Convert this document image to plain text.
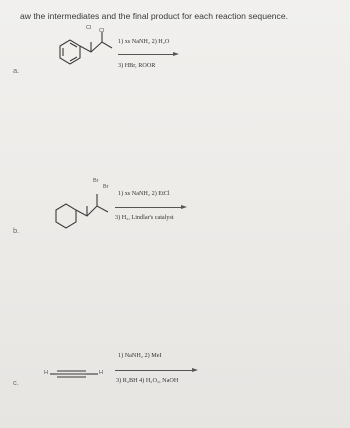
aw the intermediates and the final product for each reaction sequence.
a.
Cl Cl
1) xs NaNH₂ 2) H₂O
3) HBr, ROOR
b.
Br
Br
1) xs NaNH₂ 2) EtCl
3) H₂, Lindlar's catalyst
c.
H	H
1) NaNH₂ 2) MeI
3) R₂BH 4) H₂O₂, NaOH
